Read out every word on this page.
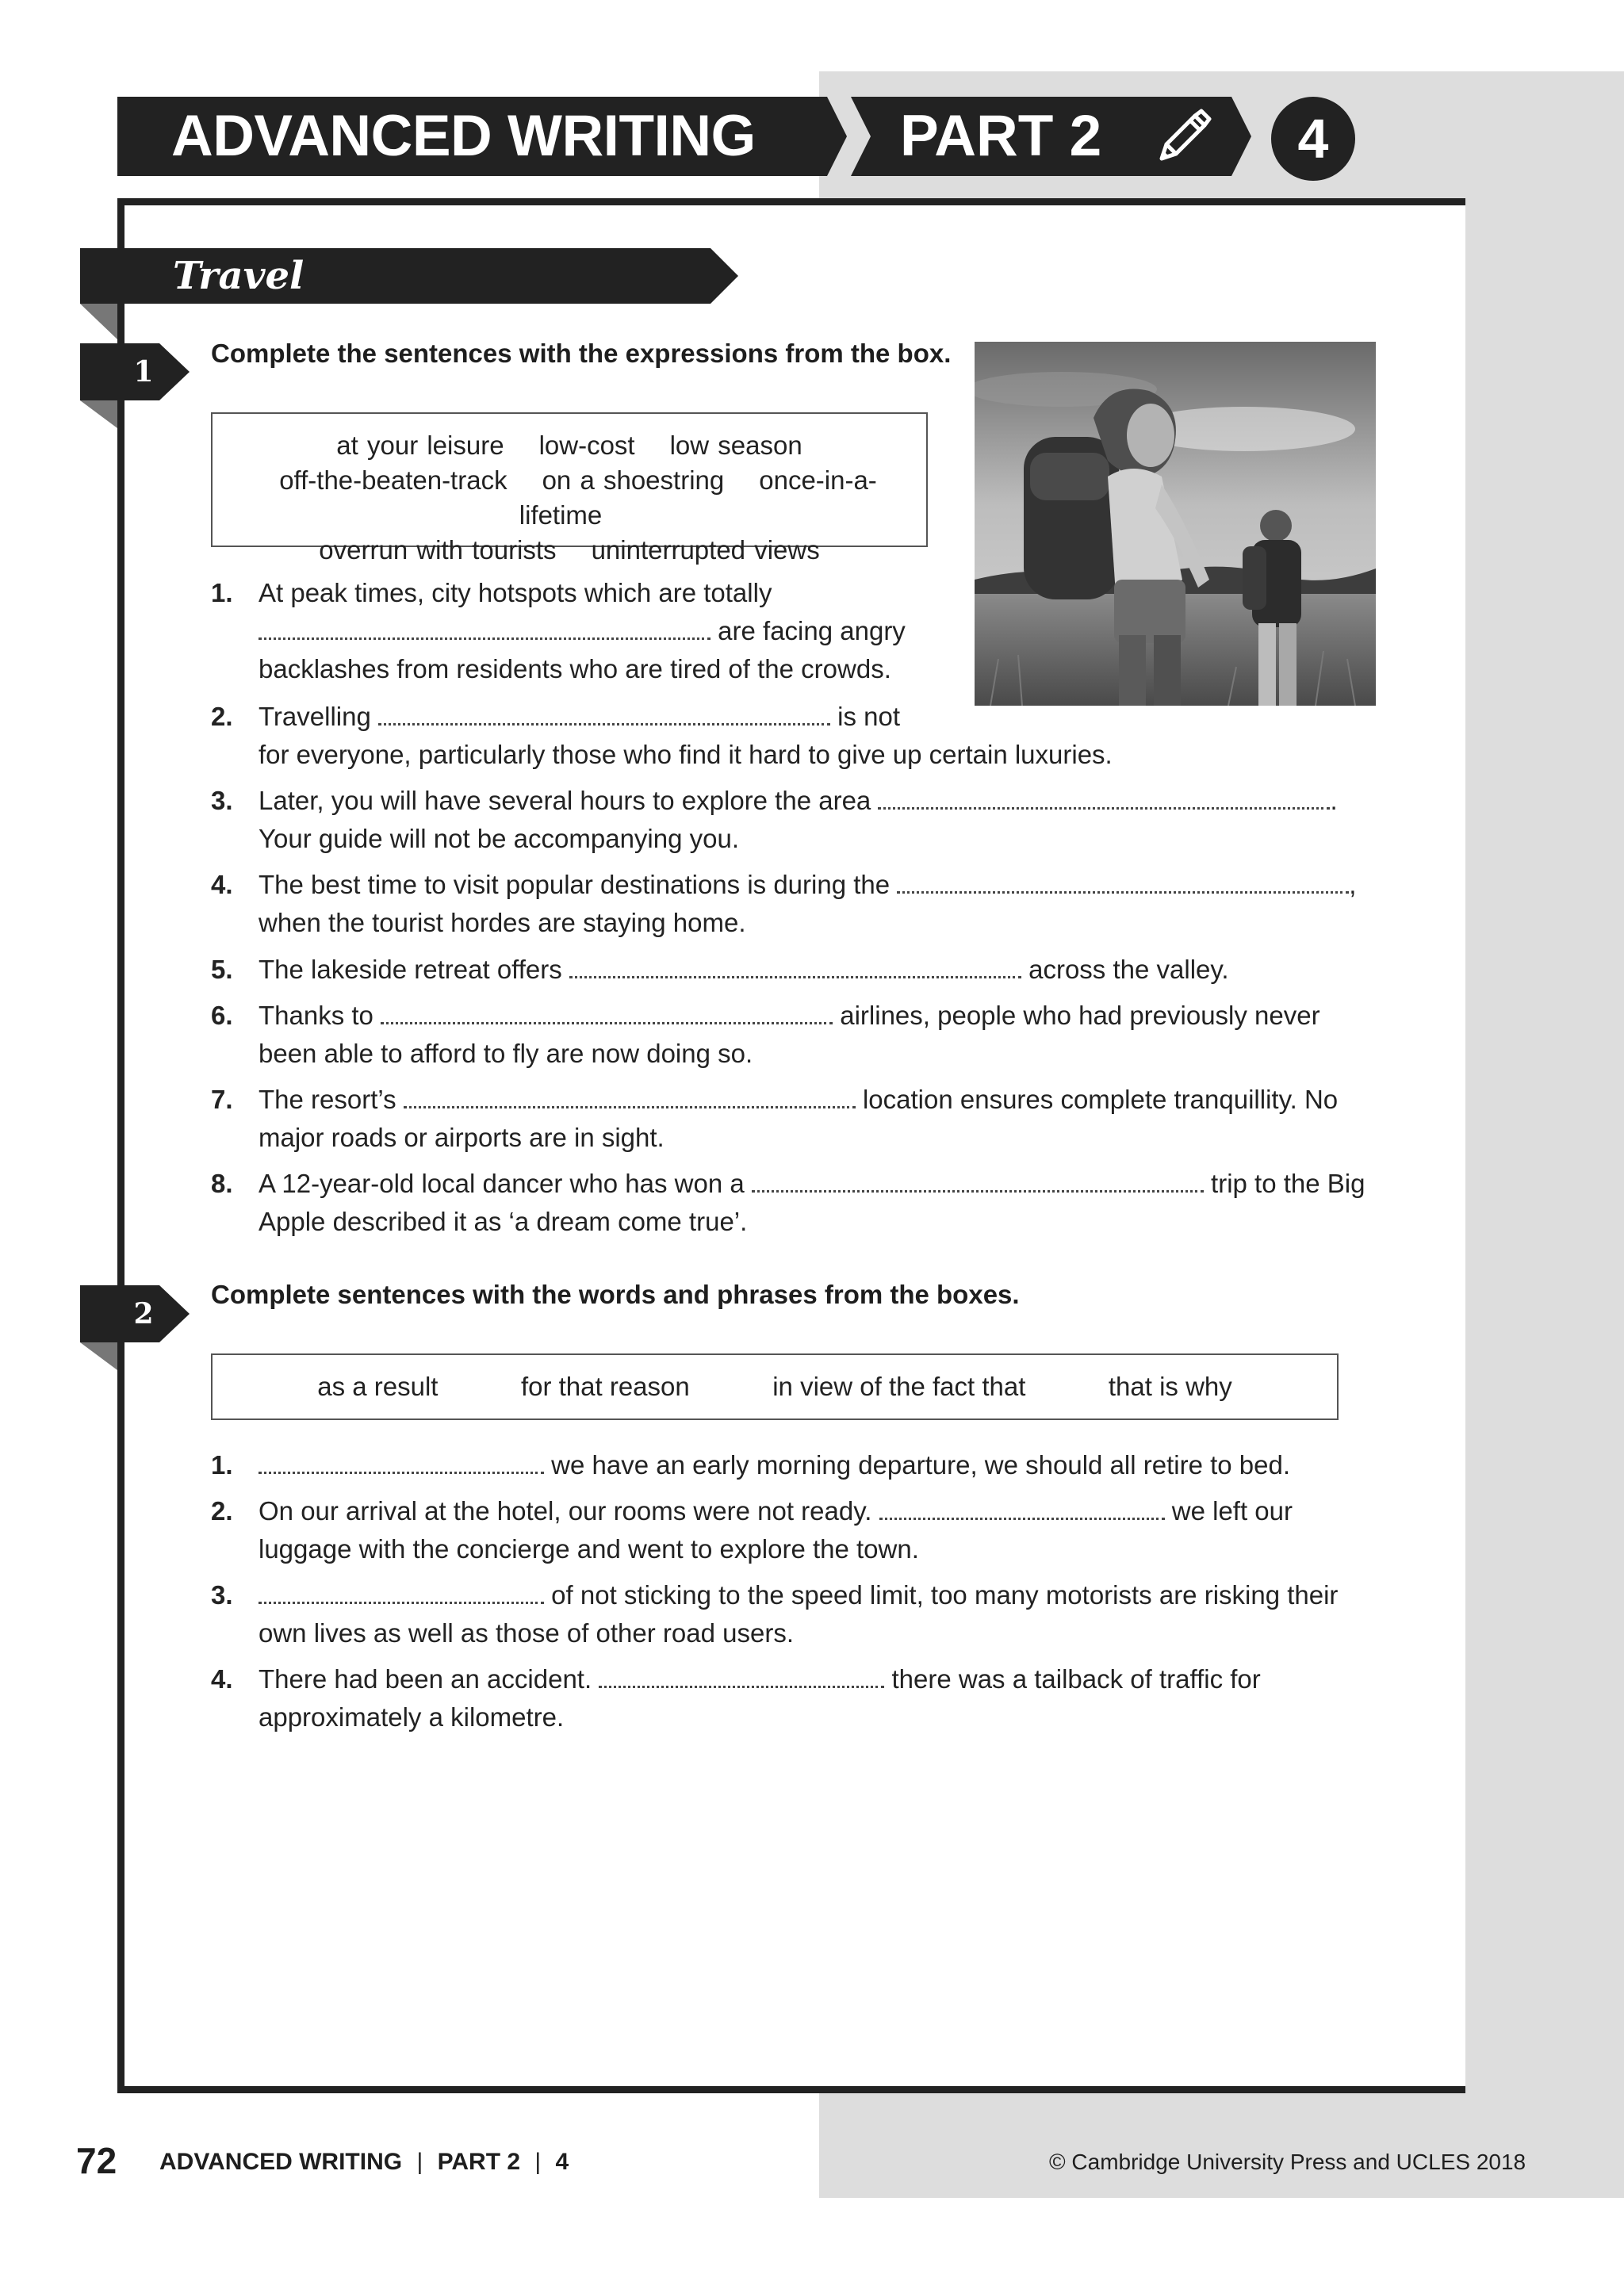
ADVANCED WRITING PART 2	4
Travel
1
Complete the sentences with the expressions from the box.
at your leisure low-cost low season
off-the-beaten-track on a shoestring once-in-a-lifetime
overrun with tourists uninterrupted views
1. At peak times, city hotspots which are totally
are facing angry
backlashes from residents who are tired of the crowds.
2. Travelling	is not
for everyone, particularly those who find it hard to give up certain luxuries.
3. Later, you will have several hours to explore the area	.
Your guide will not be accompanying you.
4. The best time to visit popular destinations is during the	,
when the tourist hordes are staying home.
5. The lakeside retreat offers	across the valley.
6. Thanks to	airlines, people who had previously never
been able to afford to fly are now doing so.
7. The resort’s	location ensures complete tranquillity. No
major roads or airports are in sight.
8. A 12-year-old local dancer who has won a	trip to the Big
Apple described it as ‘a dream come true’.
2
Complete sentences with the words and phrases from the boxes.
as a result	for that reason	in view of the fact that	that is why
1.	we have an early morning departure, we should all retire to bed.
2. On our arrival at the hotel, our rooms were not ready.	we left our
luggage with the concierge and went to explore the town.
3.	of not sticking to the speed limit, too many motorists are risking their
own lives as well as those of other road users.
4. There had been an accident.	there was a tailback of traffic for
approximately a kilometre.
72 ADVANCED WRITING | PART 2 | 4	© Cambridge University Press and UCLES 2018
